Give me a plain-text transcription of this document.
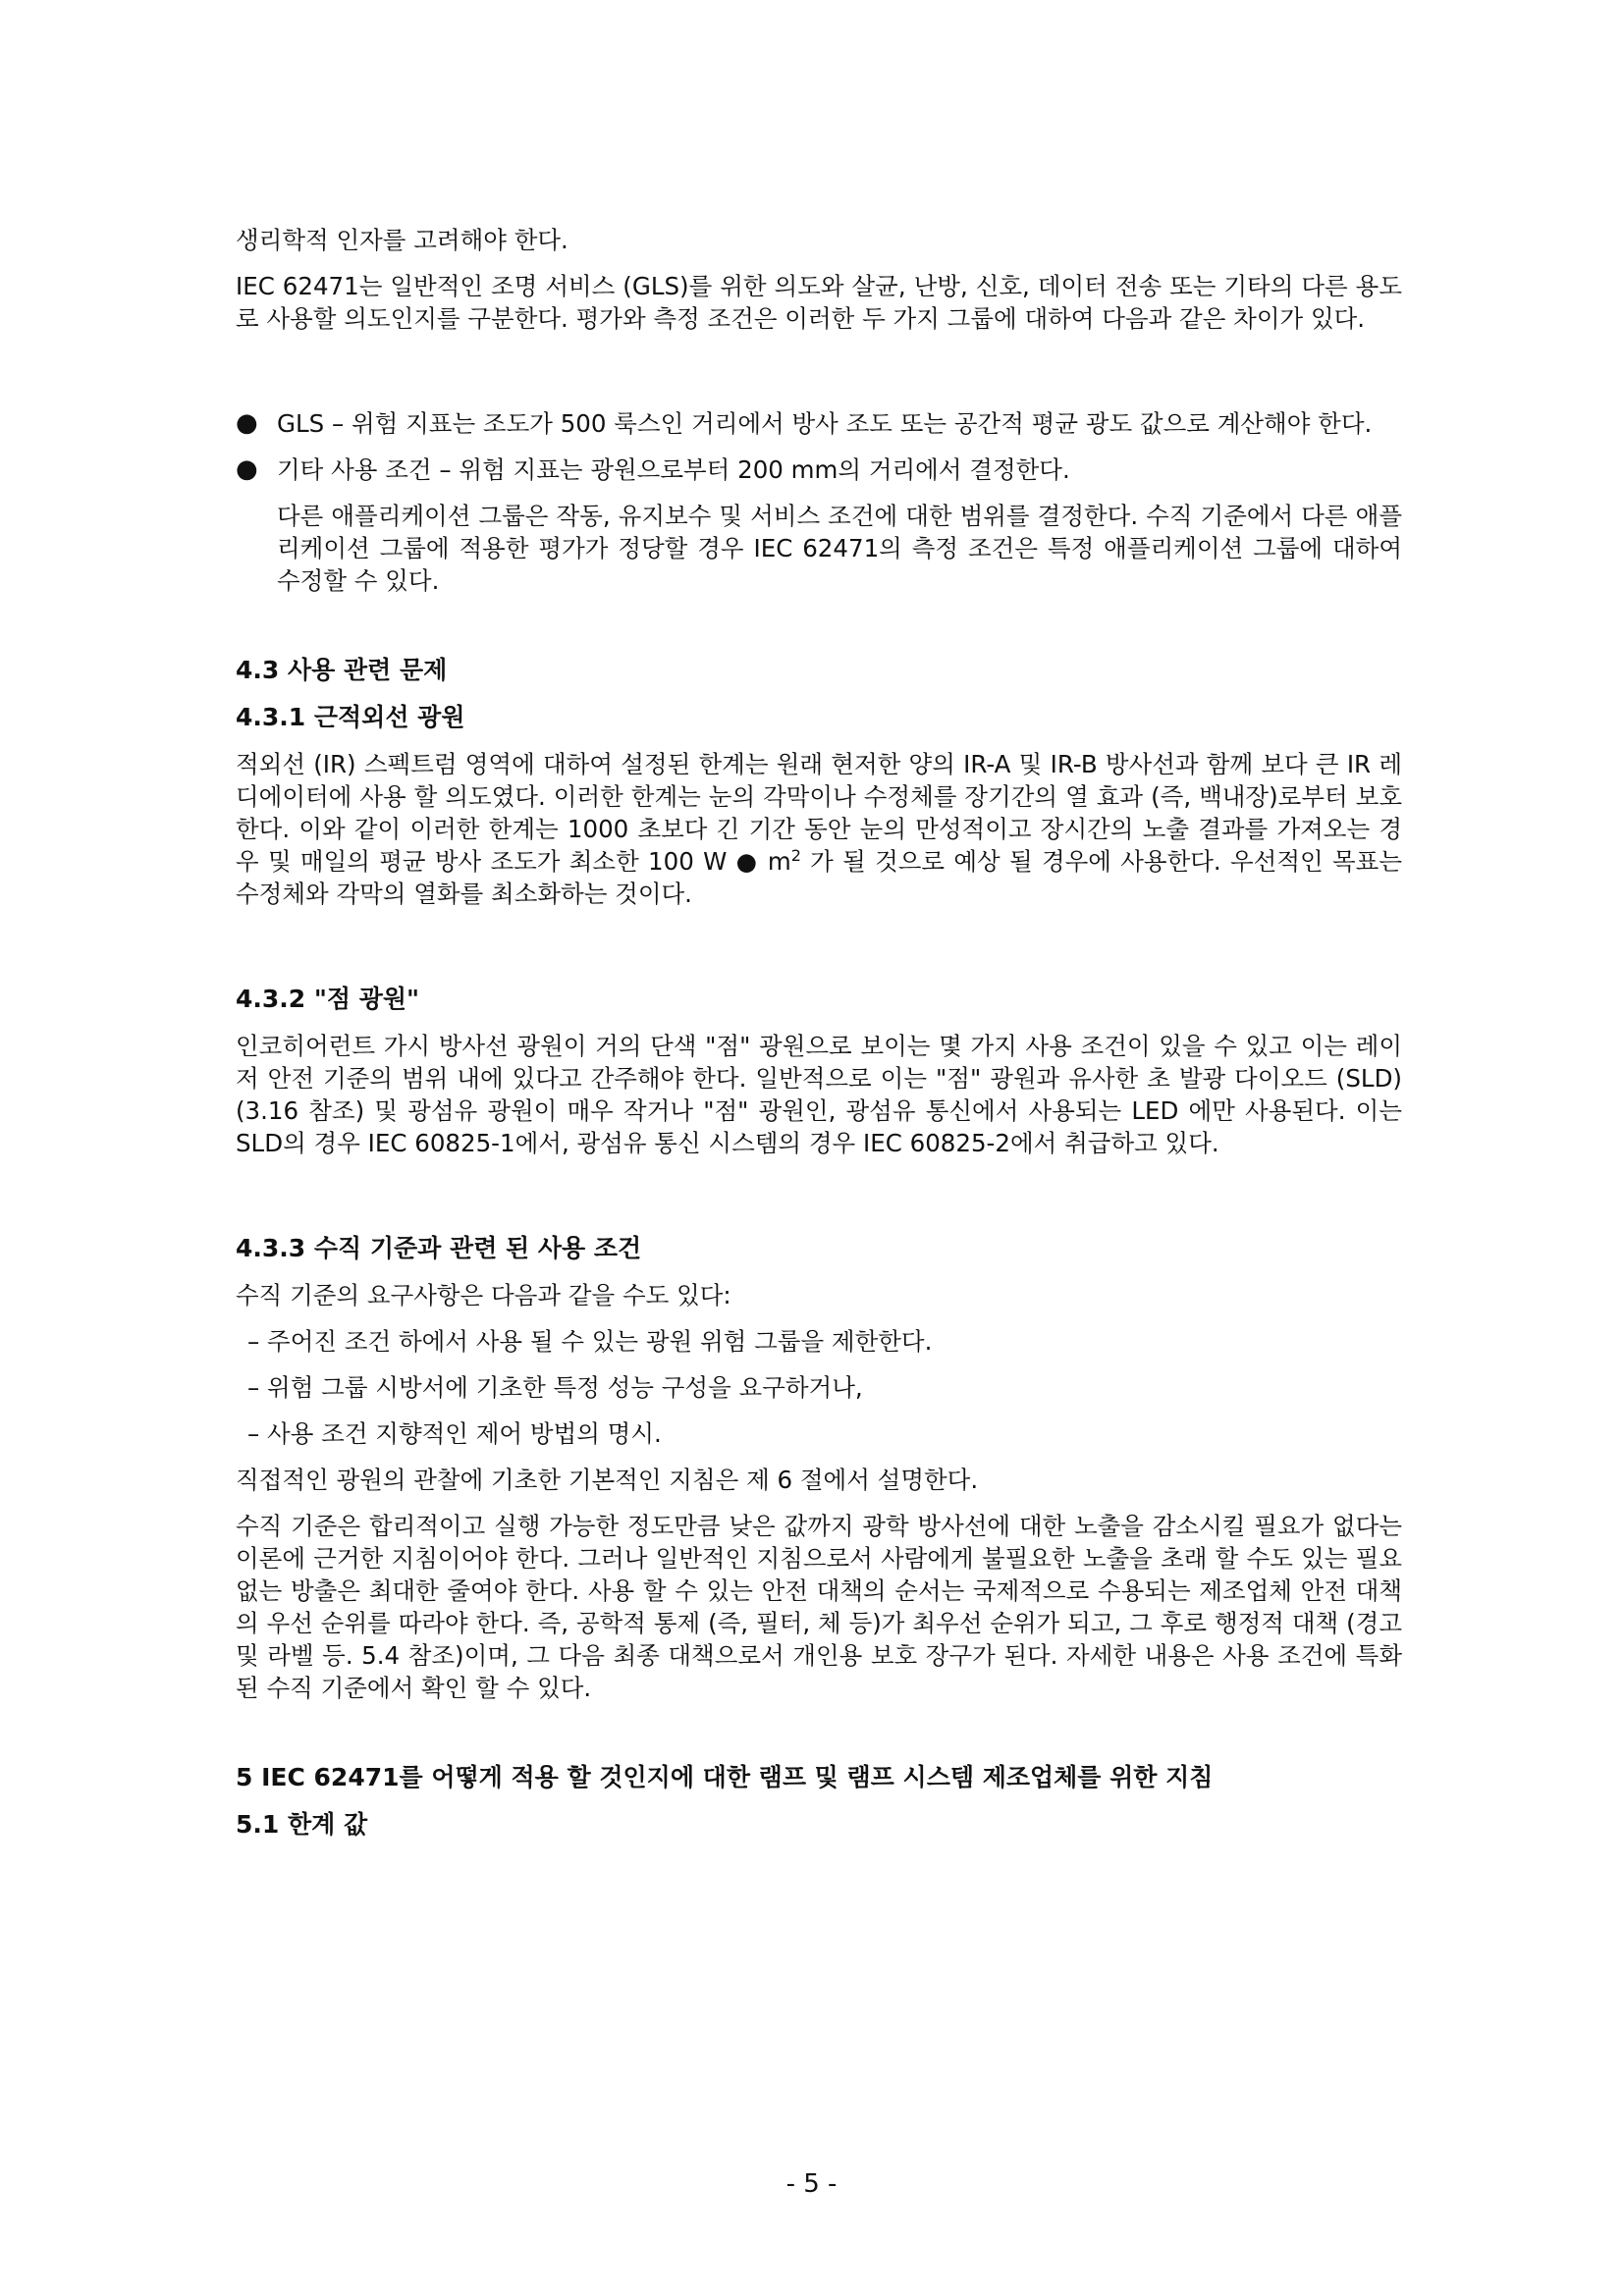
생리학적 인자를 고려해야 한다.

IEC 62471는 일반적인 조명 서비스 (GLS)를 위한 의도와 살균, 난방, 신호, 데이터 전송 또는 기타의 다른 용도로 사용할 의도인지를 구분한다. 평가와 측정 조건은 이러한 두 가지 그룹에 대하여 다음과 같은 차이가 있다.

● GLS – 위험 지표는 조도가 500 룩스인 거리에서 방사 조도 또는 공간적 평균 광도 값으로 계산해야 한다.
● 기타 사용 조건 – 위험 지표는 광원으로부터 200 mm의 거리에서 결정한다.

다른 애플리케이션 그룹은 작동, 유지보수 및 서비스 조건에 대한 범위를 결정한다. 수직 기준에서 다른 애플리케이션 그룹에 적용한 평가가 정당할 경우 IEC 62471의 측정 조건은 특정 애플리케이션 그룹에 대하여 수정할 수 있다.

4.3 사용 관련 문제
4.3.1 근적외선 광원

적외선 (IR) 스펙트럼 영역에 대하여 설정된 한계는 원래 현저한 양의 IR-A 및 IR-B 방사선과 함께 보다 큰 IR 레디에이터에 사용 할 의도였다. 이러한 한계는 눈의 각막이나 수정체를 장기간의 열 효과 (즉, 백내장)로부터 보호한다. 이와 같이 이러한 한계는 1000 초보다 긴 기간 동안 눈의 만성적이고 장시간의 노출 결과를 가져오는 경우 및 매일의 평균 방사 조도가 최소한 100 W ● $m^2$ 가 될 것으로 예상 될 경우에 사용한다. 우선적인 목표는 수정체와 각막의 열화를 최소화하는 것이다.

4.3.2 "점 광원"

인코히어런트 가시 방사선 광원이 거의 단색 "점" 광원으로 보이는 몇 가지 사용 조건이 있을 수 있고 이는 레이저 안전 기준의 범위 내에 있다고 간주해야 한다. 일반적으로 이는 "점" 광원과 유사한 초 발광 다이오드 (SLD) (3.16 참조) 및 광섬유 광원이 매우 작거나 "점" 광원인, 광섬유 통신에서 사용되는 LED 에만 사용된다. 이는 SLD의 경우 IEC 60825-1에서, 광섬유 통신 시스템의 경우 IEC 60825-2에서 취급하고 있다.

4.3.3 수직 기준과 관련 된 사용 조건

수직 기준의 요구사항은 다음과 같을 수도 있다:

– 주어진 조건 하에서 사용 될 수 있는 광원 위험 그룹을 제한한다.

– 위험 그룹 시방서에 기초한 특정 성능 구성을 요구하거나,

– 사용 조건 지향적인 제어 방법의 명시.

직접적인 광원의 관찰에 기초한 기본적인 지침은 제 6 절에서 설명한다.

수직 기준은 합리적이고 실행 가능한 정도만큼 낮은 값까지 광학 방사선에 대한 노출을 감소시킬 필요가 없다는 이론에 근거한 지침이어야 한다. 그러나 일반적인 지침으로서 사람에게 불필요한 노출을 초래 할 수도 있는 필요 없는 방출은 최대한 줄여야 한다. 사용 할 수 있는 안전 대책의 순서는 국제적으로 수용되는 제조업체 안전 대책의 우선 순위를 따라야 한다. 즉, 공학적 통제 (즉, 필터, 체 등)가 최우선 순위가 되고, 그 후로 행정적 대책 (경고 및 라벨 등. 5.4 참조)이며, 그 다음 최종 대책으로서 개인용 보호 장구가 된다. 자세한 내용은 사용 조건에 특화 된 수직 기준에서 확인 할 수 있다.

5 IEC 62471를 어떻게 적용 할 것인지에 대한 램프 및 램프 시스템 제조업체를 위한 지침
5.1 한계 값
- 5 -
